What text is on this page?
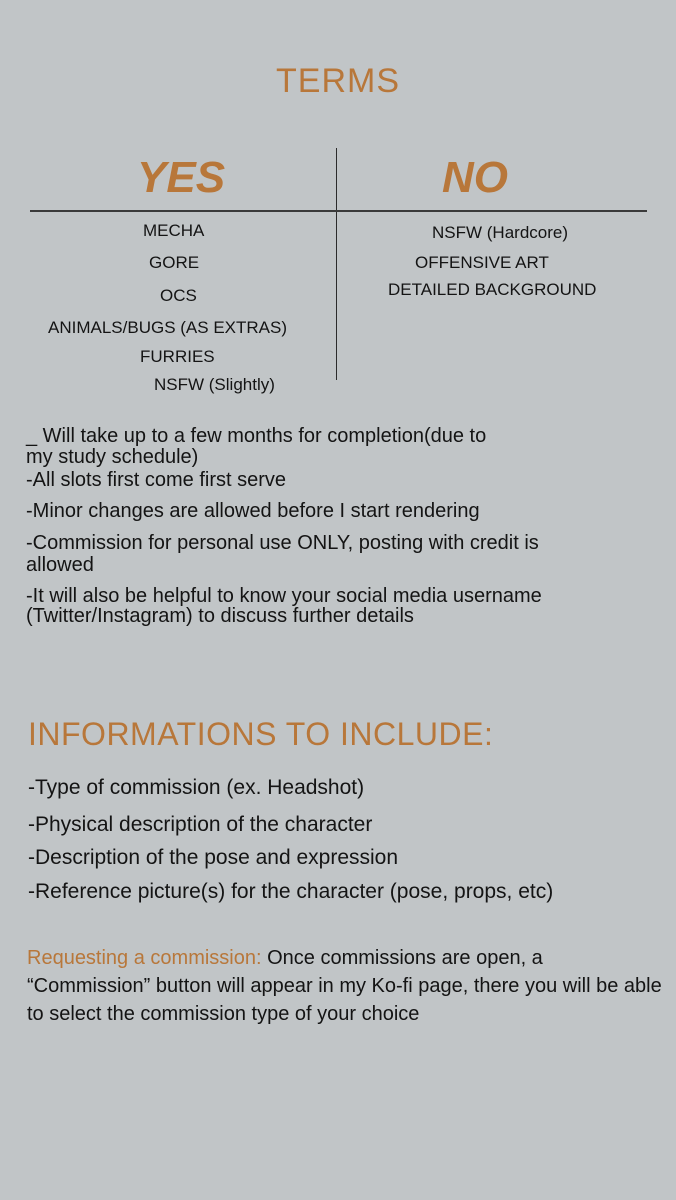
TERMS
YES	NO
MECHA
GORE
OCS
ANIMALS/BUGS (AS EXTRAS)
FURRIES
NSFW (Slightly)
NSFW (Hardcore)
OFFENSIVE ART
DETAILED BACKGROUND
_ Will take up to a few months for completion(due to
my study schedule)
-All slots first come first serve
-Minor changes are allowed before I start rendering
-Commission for personal use ONLY, posting with credit is
allowed
-It will also be helpful to know your social media username
(Twitter/Instagram) to discuss further details
INFORMATIONS TO INCLUDE:
-Type of commission (ex. Headshot)
-Physical description of the character
-Description of the pose and expression
-Reference picture(s) for the character (pose, props, etc)
Requesting a commission: Once commissions are open, a “Commission” button will appear in my Ko-fi page, there you will be able to select the commission type of your choice
